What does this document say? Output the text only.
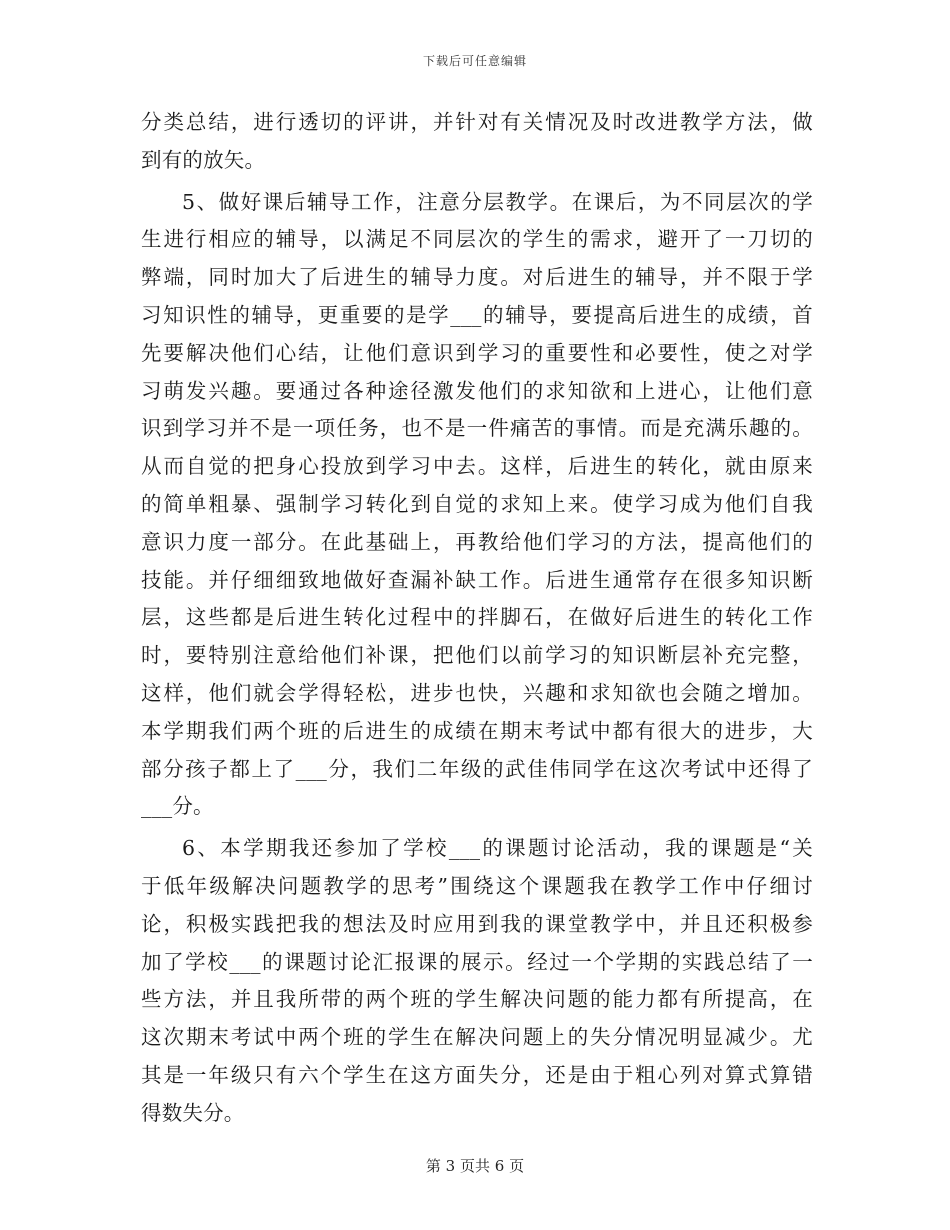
下载后可任意编辑
分类总结，进行透切的评讲，并针对有关情况及时改进教学方法，做
到有的放矢。
5、做好课后辅导工作，注意分层教学。在课后，为不同层次的学
生进行相应的辅导，以满足不同层次的学生的需求，避开了一刀切的
弊端，同时加大了后进生的辅导力度。对后进生的辅导，并不限于学
习知识性的辅导，更重要的是学___的辅导，要提高后进生的成绩，首
先要解决他们心结，让他们意识到学习的重要性和必要性，使之对学
习萌发兴趣。要通过各种途径激发他们的求知欲和上进心，让他们意
识到学习并不是一项任务，也不是一件痛苦的事情。而是充满乐趣的。
从而自觉的把身心投放到学习中去。这样，后进生的转化，就由原来
的简单粗暴、强制学习转化到自觉的求知上来。使学习成为他们自我
意识力度一部分。在此基础上，再教给他们学习的方法，提高他们的
技能。并仔细细致地做好查漏补缺工作。后进生通常存在很多知识断
层，这些都是后进生转化过程中的拌脚石，在做好后进生的转化工作
时，要特别注意给他们补课，把他们以前学习的知识断层补充完整，
这样，他们就会学得轻松，进步也快，兴趣和求知欲也会随之增加。
本学期我们两个班的后进生的成绩在期末考试中都有很大的进步，大
部分孩子都上了___分，我们二年级的武佳伟同学在这次考试中还得了
___分。
6、本学期我还参加了学校___的课题讨论活动，我的课题是“关
于低年级解决问题教学的思考”围绕这个课题我在教学工作中仔细讨
论，积极实践把我的想法及时应用到我的课堂教学中，并且还积极参
加了学校___的课题讨论汇报课的展示。经过一个学期的实践总结了一
些方法，并且我所带的两个班的学生解决问题的能力都有所提高，在
这次期末考试中两个班的学生在解决问题上的失分情况明显减少。尤
其是一年级只有六个学生在这方面失分，还是由于粗心列对算式算错
得数失分。
第 3 页共 6 页
